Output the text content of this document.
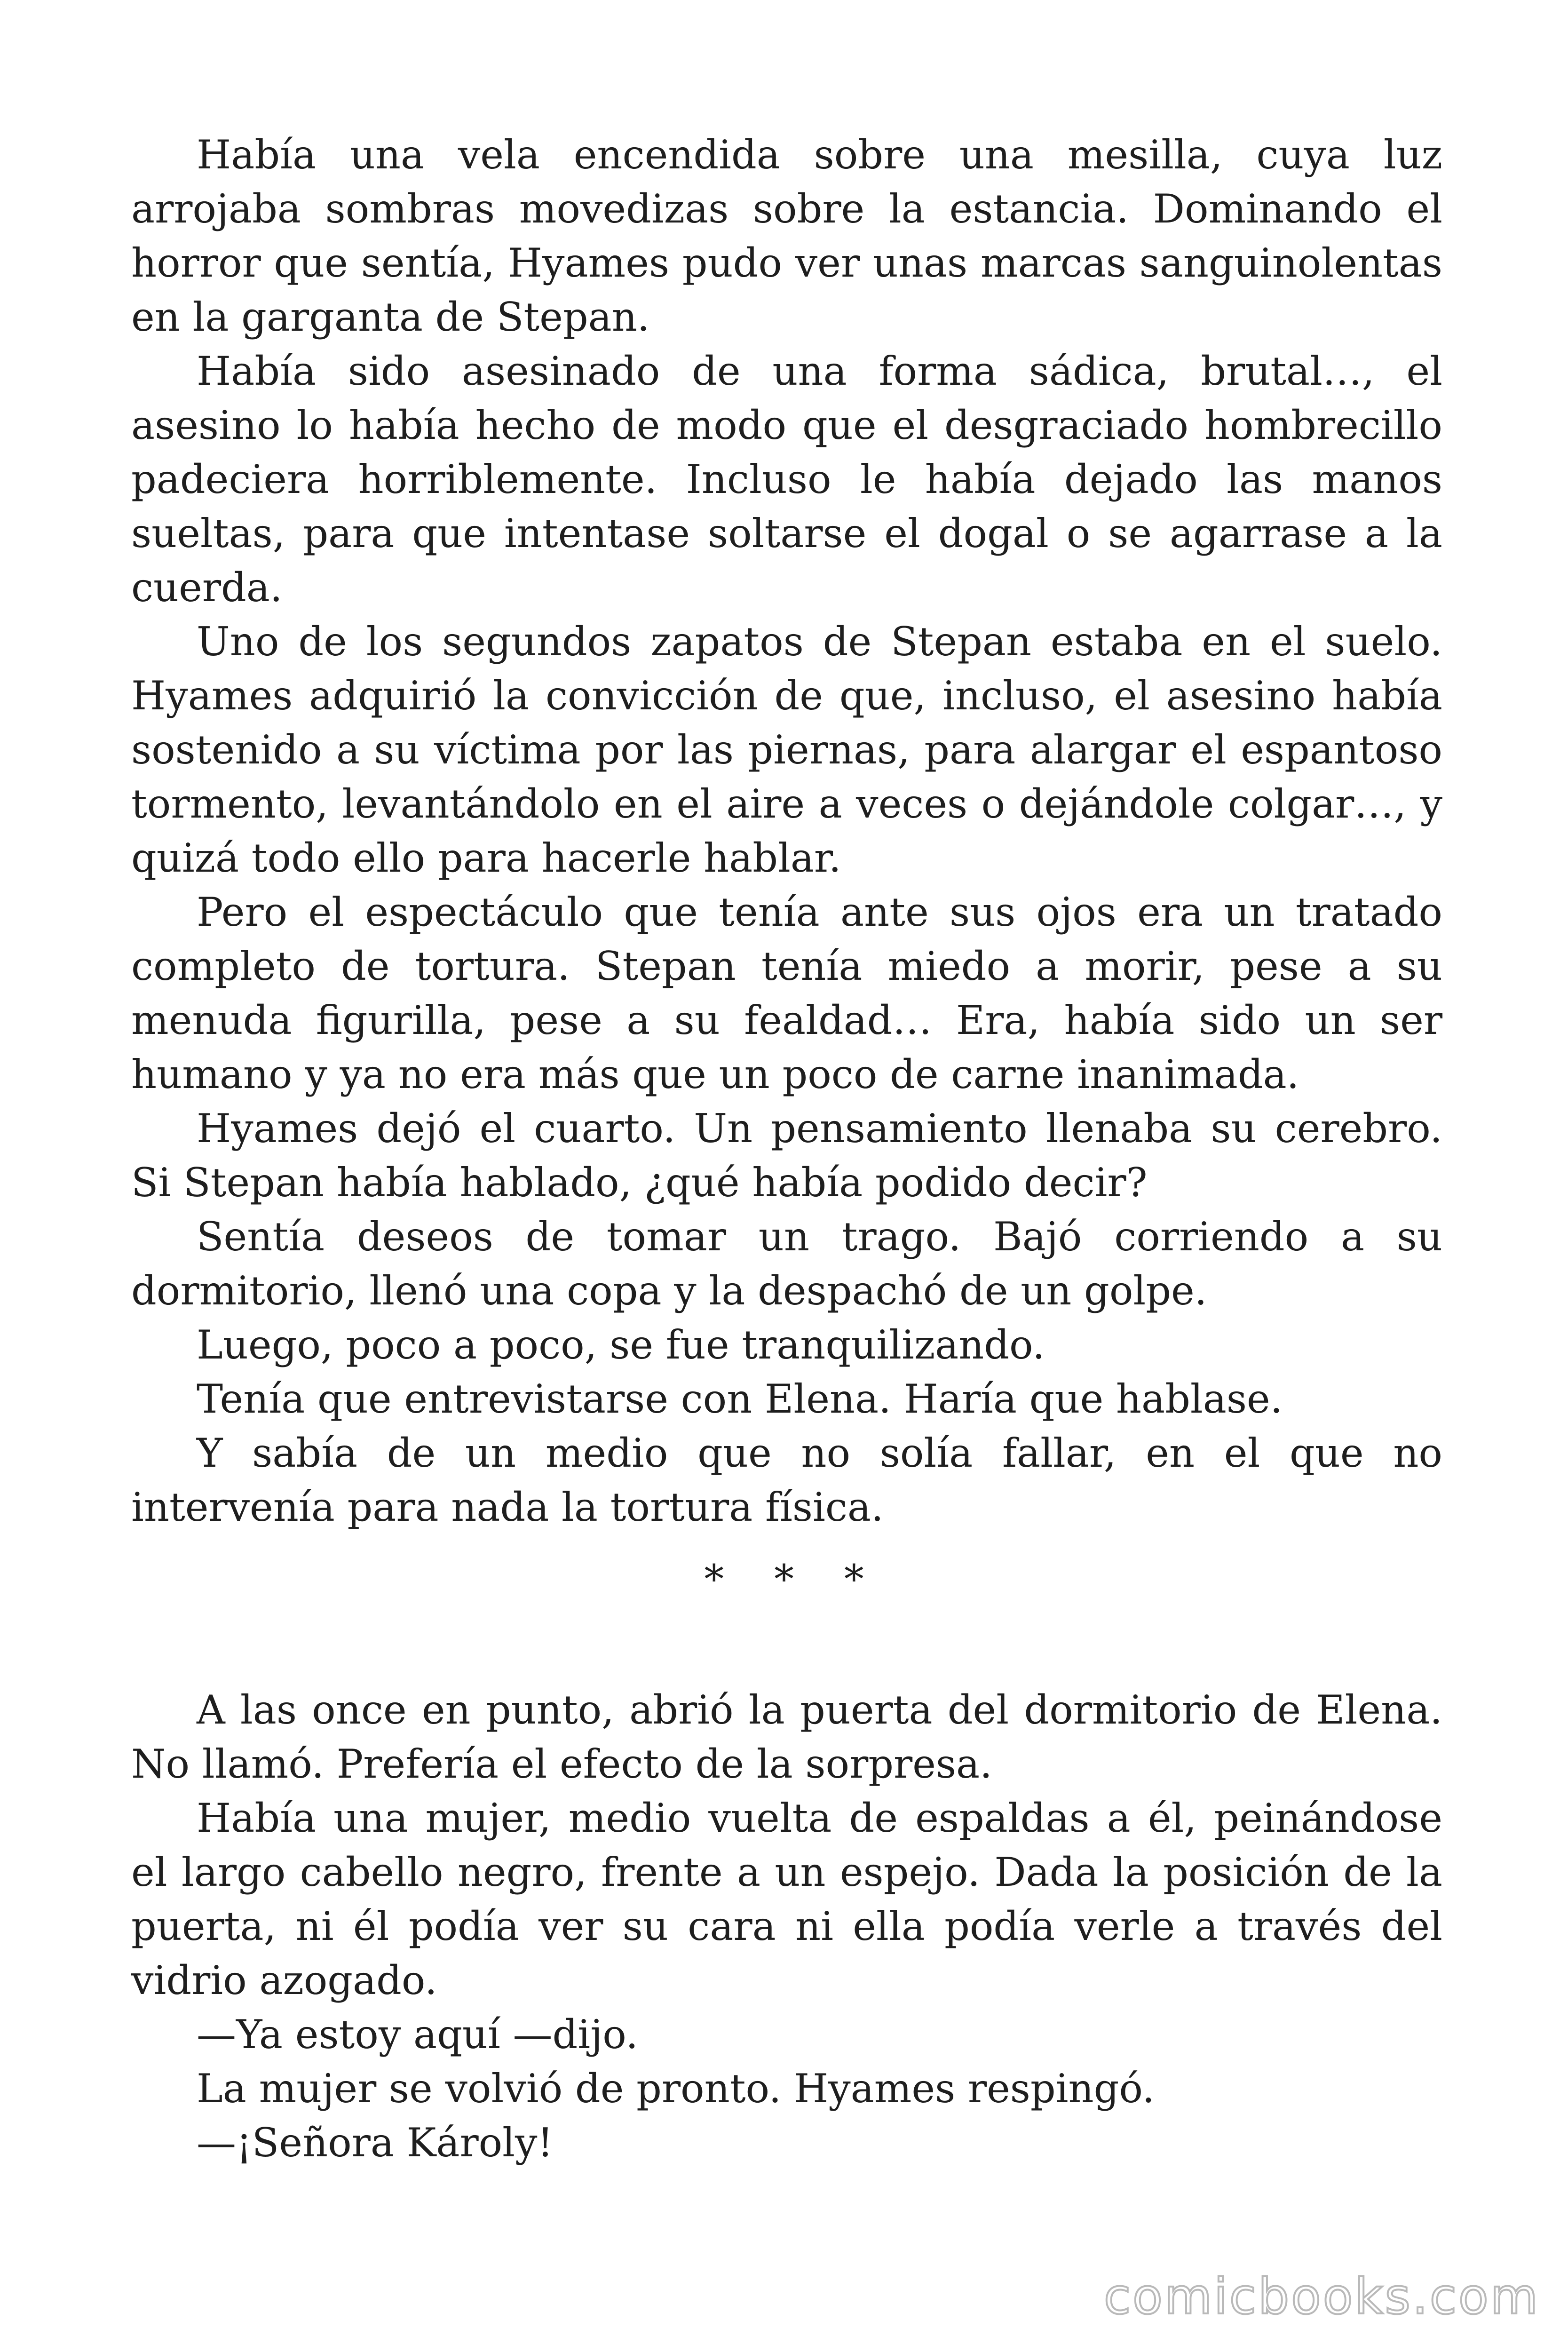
Había una vela encendida sobre una mesilla, cuya luz arrojaba sombras movedizas sobre la estancia. Dominando el horror que sentía, Hyames pudo ver unas marcas sanguinolentas en la garganta de Stepan.

Había sido asesinado de una forma sádica, brutal…, el asesino lo había hecho de modo que el desgraciado hombrecillo padeciera horriblemente. Incluso le había dejado las manos sueltas, para que intentase soltarse el dogal o se agarrase a la cuerda.

Uno de los segundos zapatos de Stepan estaba en el suelo. Hyames adquirió la convicción de que, incluso, el asesino había sostenido a su víctima por las piernas, para alargar el espantoso tormento, levantándolo en el aire a veces o dejándole colgar…, y quizá todo ello para hacerle hablar.

Pero el espectáculo que tenía ante sus ojos era un tratado completo de tortura. Stepan tenía miedo a morir, pese a su menuda figurilla, pese a su fealdad… Era, había sido un ser humano y ya no era más que un poco de carne inanimada.

Hyames dejó el cuarto. Un pensamiento llenaba su cerebro. Si Stepan había hablado, ¿qué había podido decir?

Sentía deseos de tomar un trago. Bajó corriendo a su dormitorio, llenó una copa y la despachó de un golpe.

Luego, poco a poco, se fue tranquilizando.

Tenía que entrevistarse con Elena. Haría que hablase.

Y sabía de un medio que no solía fallar, en el que no intervenía para nada la tortura física.

* * *

A las once en punto, abrió la puerta del dormitorio de Elena. No llamó. Prefería el efecto de la sorpresa.

Había una mujer, medio vuelta de espaldas a él, peinándose el largo cabello negro, frente a un espejo. Dada la posición de la puerta, ni él podía ver su cara ni ella podía verle a través del vidrio azogado.

—Ya estoy aquí —dijo.

La mujer se volvió de pronto. Hyames respingó.

—¡Señora Károly!

comicbooks.com
